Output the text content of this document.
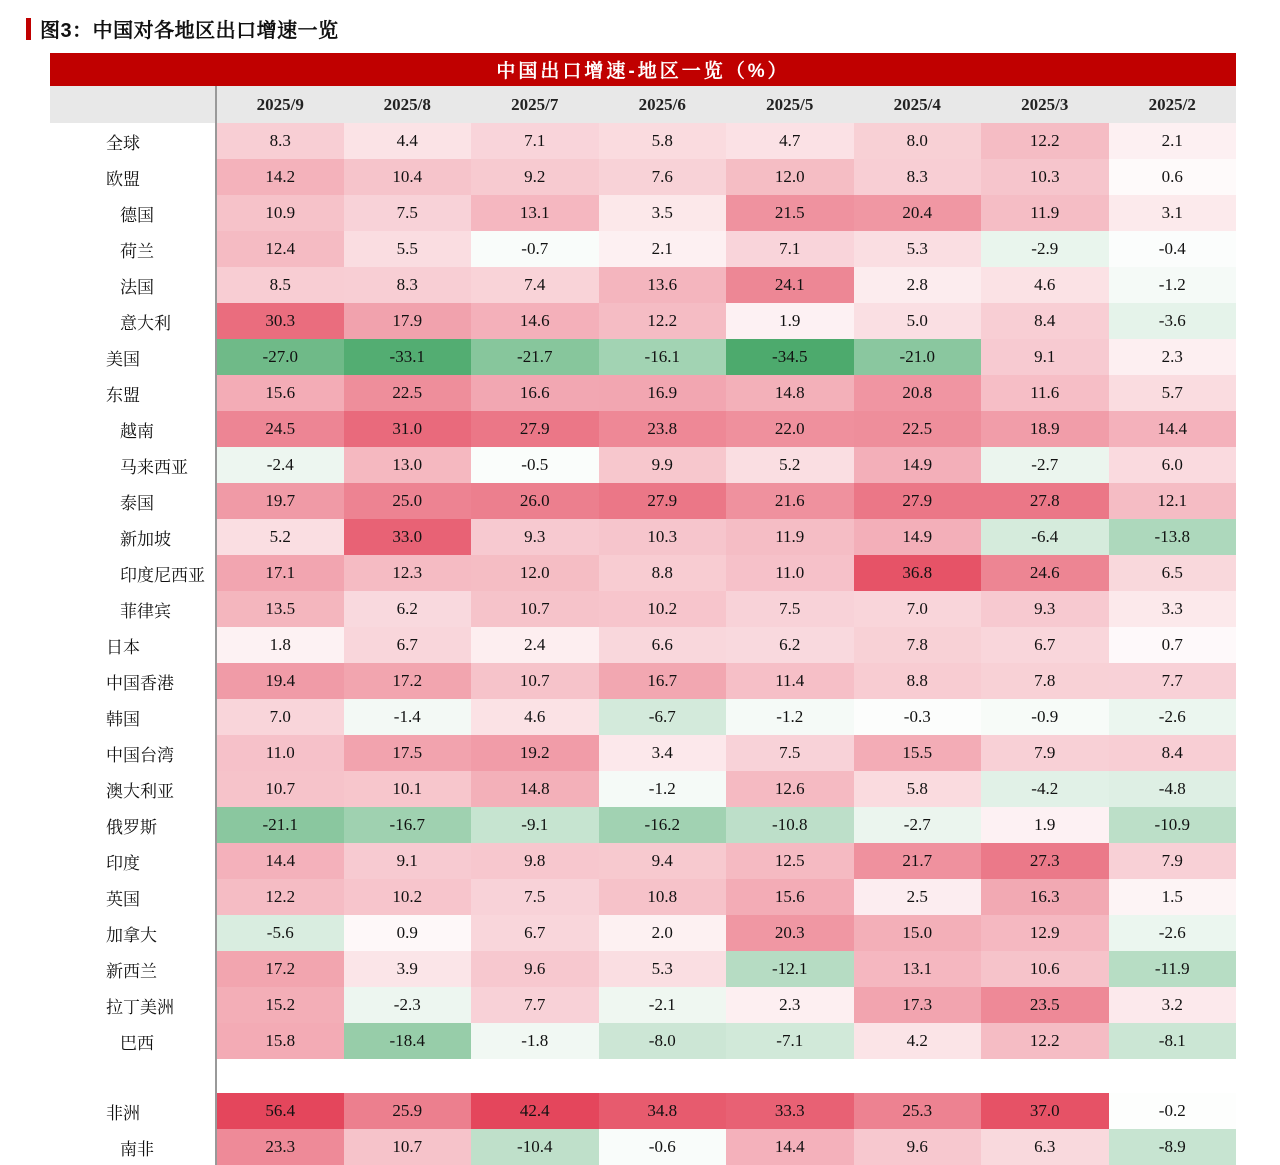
图3：中国对各地区出口增速一览
中国出口增速-地区一览（%）								
	2025/9	2025/8	2025/7	2025/6	2025/5	2025/4	2025/3	2025/2

全球	8.3	4.4	7.1	5.8	4.7	8.0	12.2	2.1

欧盟	14.2	10.4	9.2	7.6	12.0	8.3	10.3	0.6

德国	10.9	7.5	13.1	3.5	21.5	20.4	11.9	3.1

荷兰	12.4	5.5	-0.7	2.1	7.1	5.3	-2.9	-0.4

法国	8.5	8.3	7.4	13.6	24.1	2.8	4.6	-1.2

意大利	30.3	17.9	14.6	12.2	1.9	5.0	8.4	-3.6

美国	-27.0	-33.1	-21.7	-16.1	-34.5	-21.0	9.1	2.3

东盟	15.6	22.5	16.6	16.9	14.8	20.8	11.6	5.7

越南	24.5	31.0	27.9	23.8	22.0	22.5	18.9	14.4

马来西亚	-2.4	13.0	-0.5	9.9	5.2	14.9	-2.7	6.0

泰国	19.7	25.0	26.0	27.9	21.6	27.9	27.8	12.1

新加坡	5.2	33.0	9.3	10.3	11.9	14.9	-6.4	-13.8

印度尼西亚	17.1	12.3	12.0	8.8	11.0	36.8	24.6	6.5

菲律宾	13.5	6.2	10.7	10.2	7.5	7.0	9.3	3.3

日本	1.8	6.7	2.4	6.6	6.2	7.8	6.7	0.7

中国香港	19.4	17.2	10.7	16.7	11.4	8.8	7.8	7.7

韩国	7.0	-1.4	4.6	-6.7	-1.2	-0.3	-0.9	-2.6

中国台湾	11.0	17.5	19.2	3.4	7.5	15.5	7.9	8.4

澳大利亚	10.7	10.1	14.8	-1.2	12.6	5.8	-4.2	-4.8

俄罗斯	-21.1	-16.7	-9.1	-16.2	-10.8	-2.7	1.9	-10.9

印度	14.4	9.1	9.8	9.4	12.5	21.7	27.3	7.9

英国	12.2	10.2	7.5	10.8	15.6	2.5	16.3	1.5

加拿大	-5.6	0.9	6.7	2.0	20.3	15.0	12.9	-2.6

新西兰	17.2	3.9	9.6	5.3	-12.1	13.1	10.6	-11.9

拉丁美洲	15.2	-2.3	7.7	-2.1	2.3	17.3	23.5	3.2

巴西	15.8	-18.4	-1.8	-8.0	-7.1	4.2	12.2	-8.1

非洲	56.4	25.9	42.4	34.8	33.3	25.3	37.0	-0.2

南非	23.3	10.7	-10.4	-0.6	14.4	9.6	6.3	-8.9
